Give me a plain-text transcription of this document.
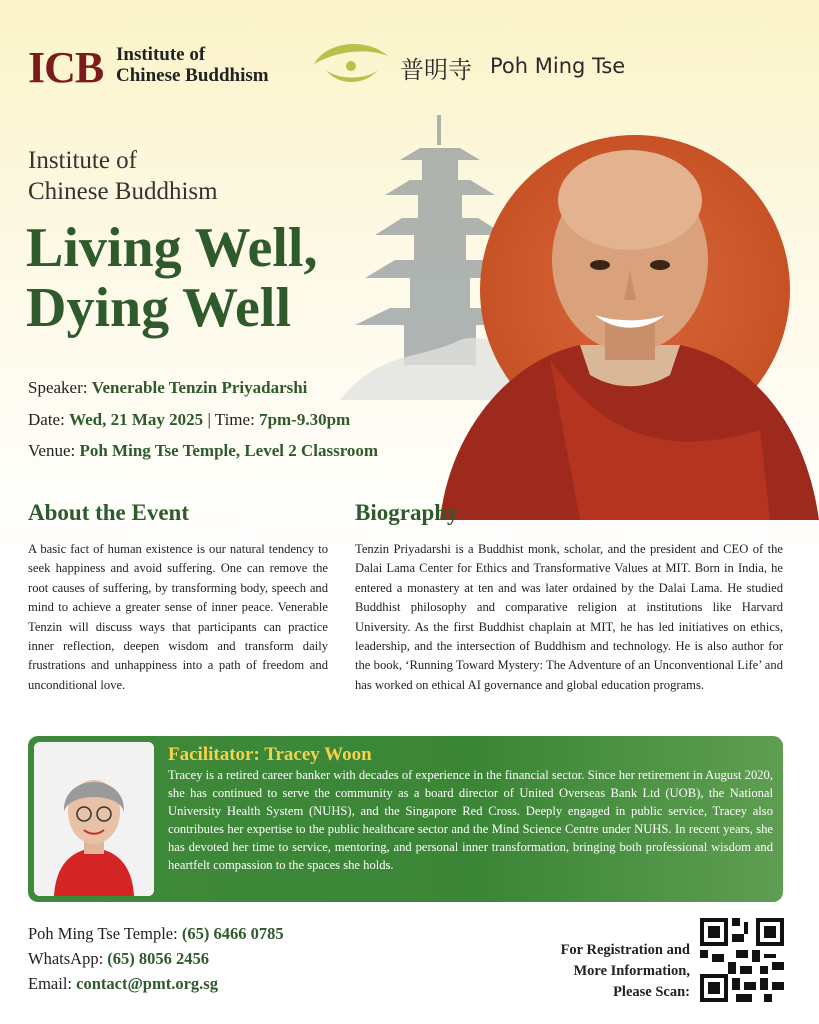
ICB Institute of
Chinese Buddhism	普明寺 Poh Ming Tse
Institute of
Chinese Buddhism
Living Well,
Dying Well
Speaker: Venerable Tenzin Priyadarshi
Date: Wed, 21 May 2025 | Time: 7pm-9.30pm
Venue: Poh Ming Tse Temple, Level 2 Classroom
About the Event
A basic fact of human existence is our natural tendency to seek happiness and avoid suffering. One can remove the root causes of suffering, by transforming body, speech and mind to achieve a greater sense of inner peace. Venerable Tenzin will discuss ways that participants can practice inner reflection, deepen wisdom and transform daily frustrations and unhappiness into a path of freedom and unconditional love.
Biography
Tenzin Priyadarshi is a Buddhist monk, scholar, and the president and CEO of the Dalai Lama Center for Ethics and Transformative Values at MIT. Born in India, he entered a monastery at ten and was later ordained by the Dalai Lama. He studied Buddhist philosophy and comparative religion at institutions like Harvard University. As the first Buddhist chaplain at MIT, he has led initiatives on ethics, leadership, and the intersection of Buddhism and technology. He is also author for the book, ‘Running Toward Mystery: The Adventure of an Unconventional Life’ and has worked on ethical AI governance and global education programs.
Facilitator: Tracey Woon
Tracey is a retired career banker with decades of experience in the financial sector. Since her retirement in August 2020, she has continued to serve the community as a board director of United Overseas Bank Ltd (UOB), the National University Health System (NUHS), and the Singapore Red Cross. Deeply engaged in public service, Tracey also contributes her expertise to the public healthcare sector and the Mind Science Centre under NUHS. In recent years, she has devoted her time to service, mentoring, and personal inner transformation, bringing both professional wisdom and heartfelt compassion to the spaces she holds.
Poh Ming Tse Temple: (65) 6466 0785
WhatsApp: (65) 8056 2456
Email: contact@pmt.org.sg
For Registration and
More Information,
Please Scan:
